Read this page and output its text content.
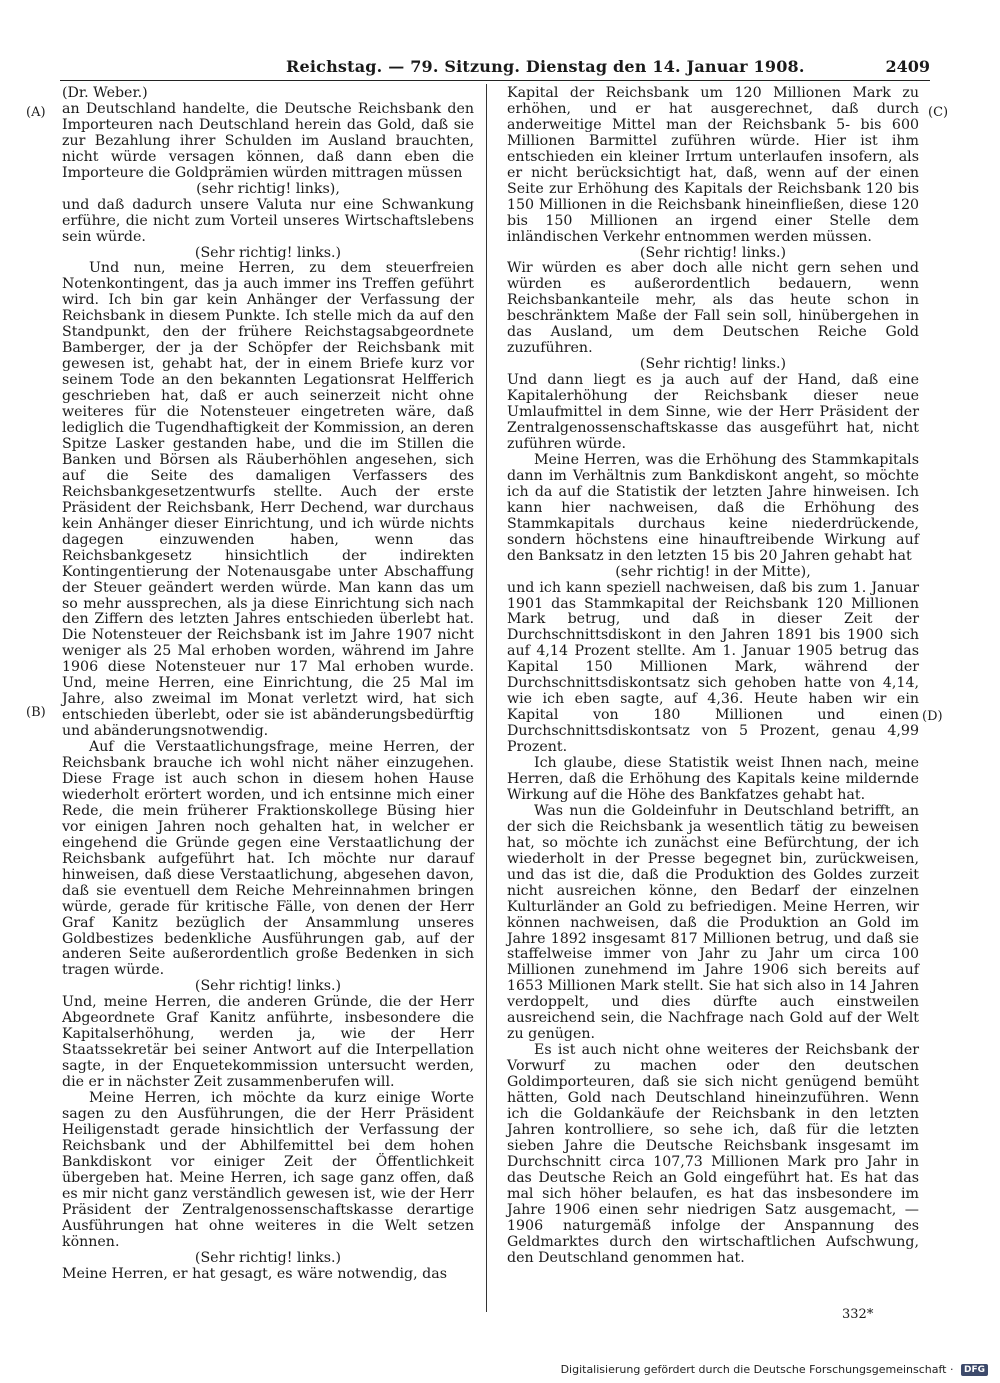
Reichstag. — 79. Sitzung. Dienstag den 14. Januar 1908.	2409
(A)
(B)
(C)
(D)
(Dr. Weber.)

an Deutschland handelte, die Deutsche Reichsbank den Importeuren nach Deutschland herein das Gold, daß sie zur Bezahlung ihrer Schulden im Ausland brauchten, nicht würde versagen können, daß dann eben die Importeure die Goldprämien würden mittragen müssen

(sehr richtig! links),

und daß dadurch unsere Valuta nur eine Schwankung erführe, die nicht zum Vorteil unseres Wirtschaftslebens sein würde.

(Sehr richtig! links.)

Und nun, meine Herren, zu dem steuerfreien Notenkontingent, das ja auch immer ins Treffen geführt wird. Ich bin gar kein Anhänger der Verfassung der Reichsbank in diesem Punkte. Ich stelle mich da auf den Standpunkt, den der frühere Reichstagsabgeordnete Bamberger, der ja der Schöpfer der Reichsbank mit gewesen ist, gehabt hat, der in einem Briefe kurz vor seinem Tode an den bekannten Legationsrat Helfferich geschrieben hat, daß er auch seinerzeit nicht ohne weiteres für die Notensteuer eingetreten wäre, daß lediglich die Tugendhaftigkeit der Kommission, an deren Spitze Lasker gestanden habe, und die im Stillen die Banken und Börsen als Räuberhöhlen angesehen, sich auf die Seite des damaligen Verfassers des Reichsbankgesetzentwurfs stellte. Auch der erste Präsident der Reichsbank, Herr Dechend, war durchaus kein Anhänger dieser Einrichtung, und ich würde nichts dagegen einzuwenden haben, wenn das Reichsbankgesetz hinsichtlich der indirekten Kontingentierung der Notenausgabe unter Abschaffung der Steuer geändert werden würde. Man kann das um so mehr aussprechen, als ja diese Einrichtung sich nach den Ziffern des letzten Jahres entschieden überlebt hat. Die Notensteuer der Reichsbank ist im Jahre 1907 nicht weniger als 25 Mal erhoben worden, während im Jahre 1906 diese Notensteuer nur 17 Mal erhoben wurde. Und, meine Herren, eine Einrichtung, die 25 Mal im Jahre, also zweimal im Monat verletzt wird, hat sich entschieden überlebt, oder sie ist abänderungsbedürftig und abänderungsnotwendig.

Auf die Verstaatlichungsfrage, meine Herren, der Reichsbank brauche ich wohl nicht näher einzugehen. Diese Frage ist auch schon in diesem hohen Hause wiederholt erörtert worden, und ich entsinne mich einer Rede, die mein früherer Fraktionskollege Büsing hier vor einigen Jahren noch gehalten hat, in welcher er eingehend die Gründe gegen eine Verstaatlichung der Reichsbank aufgeführt hat. Ich möchte nur darauf hinweisen, daß diese Verstaatlichung, abgesehen davon, daß sie eventuell dem Reiche Mehreinnahmen bringen würde, gerade für kritische Fälle, von denen der Herr Graf Kanitz bezüglich der Ansammlung unseres Goldbestizes bedenkliche Ausführungen gab, auf der anderen Seite außerordentlich große Bedenken in sich tragen würde.

(Sehr richtig! links.)

Und, meine Herren, die anderen Gründe, die der Herr Abgeordnete Graf Kanitz anführte, insbesondere die Kapitalserhöhung, werden ja, wie der Herr Staatssekretär bei seiner Antwort auf die Interpellation sagte, in der Enquetekommission untersucht werden, die er in nächster Zeit zusammenberufen will.

Meine Herren, ich möchte da kurz einige Worte sagen zu den Ausführungen, die der Herr Präsident Heiligenstadt gerade hinsichtlich der Verfassung der Reichsbank und der Abhilfemittel bei dem hohen Bankdiskont vor einiger Zeit der Öffentlichkeit übergeben hat. Meine Herren, ich sage ganz offen, daß es mir nicht ganz verständlich gewesen ist, wie der Herr Präsident der Zentralgenossenschaftskasse derartige Ausführungen hat ohne weiteres in die Welt setzen können.

(Sehr richtig! links.)

Meine Herren, er hat gesagt, es wäre notwendig, das

Kapital der Reichsbank um 120 Millionen Mark zu erhöhen, und er hat ausgerechnet, daß durch anderweitige Mittel man der Reichsbank 5- bis 600 Millionen Barmittel zuführen würde. Hier ist ihm entschieden ein kleiner Irrtum unterlaufen insofern, als er nicht berücksichtigt hat, daß, wenn auf der einen Seite zur Erhöhung des Kapitals der Reichsbank 120 bis 150 Millionen in die Reichsbank hineinfließen, diese 120 bis 150 Millionen an irgend einer Stelle dem inländischen Verkehr entnommen werden müssen.

(Sehr richtig! links.)

Wir würden es aber doch alle nicht gern sehen und würden es außerordentlich bedauern, wenn Reichsbankanteile mehr, als das heute schon in beschränktem Maße der Fall sein soll, hinübergehen in das Ausland, um dem Deutschen Reiche Gold zuzuführen.

(Sehr richtig! links.)

Und dann liegt es ja auch auf der Hand, daß eine Kapitalerhöhung der Reichsbank dieser neue Umlaufmittel in dem Sinne, wie der Herr Präsident der Zentralgenossenschaftskasse das ausgeführt hat, nicht zuführen würde.

Meine Herren, was die Erhöhung des Stammkapitals dann im Verhältnis zum Bankdiskont angeht, so möchte ich da auf die Statistik der letzten Jahre hinweisen. Ich kann hier nachweisen, daß die Erhöhung des Stammkapitals durchaus keine niederdrückende, sondern höchstens eine hinauftreibende Wirkung auf den Banksatz in den letzten 15 bis 20 Jahren gehabt hat

(sehr richtig! in der Mitte),

und ich kann speziell nachweisen, daß bis zum 1. Januar 1901 das Stammkapital der Reichsbank 120 Millionen Mark betrug, und daß in dieser Zeit der Durchschnittsdiskont in den Jahren 1891 bis 1900 sich auf 4,14 Prozent stellte. Am 1. Januar 1905 betrug das Kapital 150 Millionen Mark, während der Durchschnittsdiskontsatz sich gehoben hatte von 4,14, wie ich eben sagte, auf 4,36. Heute haben wir ein Kapital von 180 Millionen und einen Durchschnittsdiskontsatz von 5 Prozent, genau 4,99 Prozent.

Ich glaube, diese Statistik weist Ihnen nach, meine Herren, daß die Erhöhung des Kapitals keine mildernde Wirkung auf die Höhe des Bankfatzes gehabt hat.

Was nun die Goldeinfuhr in Deutschland betrifft, an der sich die Reichsbank ja wesentlich tätig zu beweisen hat, so möchte ich zunächst eine Befürchtung, der ich wiederholt in der Presse begegnet bin, zurückweisen, und das ist die, daß die Produktion des Goldes zurzeit nicht ausreichen könne, den Bedarf der einzelnen Kulturländer an Gold zu befriedigen. Meine Herren, wir können nachweisen, daß die Produktion an Gold im Jahre 1892 insgesamt 817 Millionen betrug, und daß sie staffelweise immer von Jahr zu Jahr um circa 100 Millionen zunehmend im Jahre 1906 sich bereits auf 1653 Millionen Mark stellt. Sie hat sich also in 14 Jahren verdoppelt, und dies dürfte auch einstweilen ausreichend sein, die Nachfrage nach Gold auf der Welt zu genügen.

Es ist auch nicht ohne weiteres der Reichsbank der Vorwurf zu machen oder den deutschen Goldimporteuren, daß sie sich nicht genügend bemüht hätten, Gold nach Deutschland hineinzuführen. Wenn ich die Goldankäufe der Reichsbank in den letzten Jahren kontrolliere, so sehe ich, daß für die letzten sieben Jahre die Deutsche Reichsbank insgesamt im Durchschnitt circa 107,73 Millionen Mark pro Jahr in das Deutsche Reich an Gold eingeführt hat. Es hat das mal sich höher belaufen, es hat das insbesondere im Jahre 1906 einen sehr niedrigen Satz ausgemacht, — 1906 naturgemäß infolge der Anspannung des Geldmarktes durch den wirtschaftlichen Aufschwung, den Deutschland genommen hat.

332*
Digitalisierung gefördert durch die Deutsche Forschungsgemeinschaft · DFG
